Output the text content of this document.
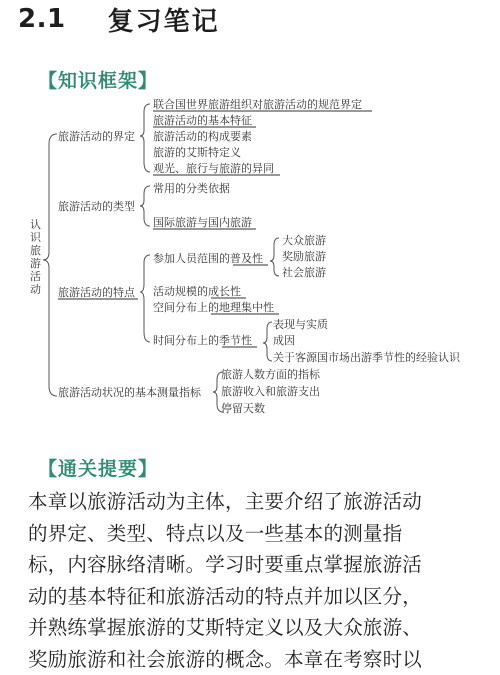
2.1 复习笔记
【知识框架】
认
识
旅
游
活
动
旅游活动的界定
联合国世界旅游组织对旅游活动的规范界定
旅游活动的基本特征
旅游活动的构成要素
旅游的艾斯特定义
观光、旅行与旅游的异同
旅游活动的类型
常用的分类依据
国际旅游与国内旅游
旅游活动的特点
参加人员范围的普及性
大众旅游
奖励旅游
社会旅游
活动规模的成长性
空间分布上的地理集中性
时间分布上的季节性
表现与实质
成因
关于客源国市场出游季节性的经验认识
旅游活动状况的基本测量指标
旅游人数方面的指标
旅游收入和旅游支出
停留天数
【通关提要】
本章以旅游活动为主体，主要介绍了旅游活动
的界定、类型、特点以及一些基本的测量指
标，内容脉络清晰。学习时要重点掌握旅游活
动的基本特征和旅游活动的特点并加以区分，
并熟练掌握旅游的艾斯特定义以及大众旅游、
奖励旅游和社会旅游的概念。本章在考察时以
